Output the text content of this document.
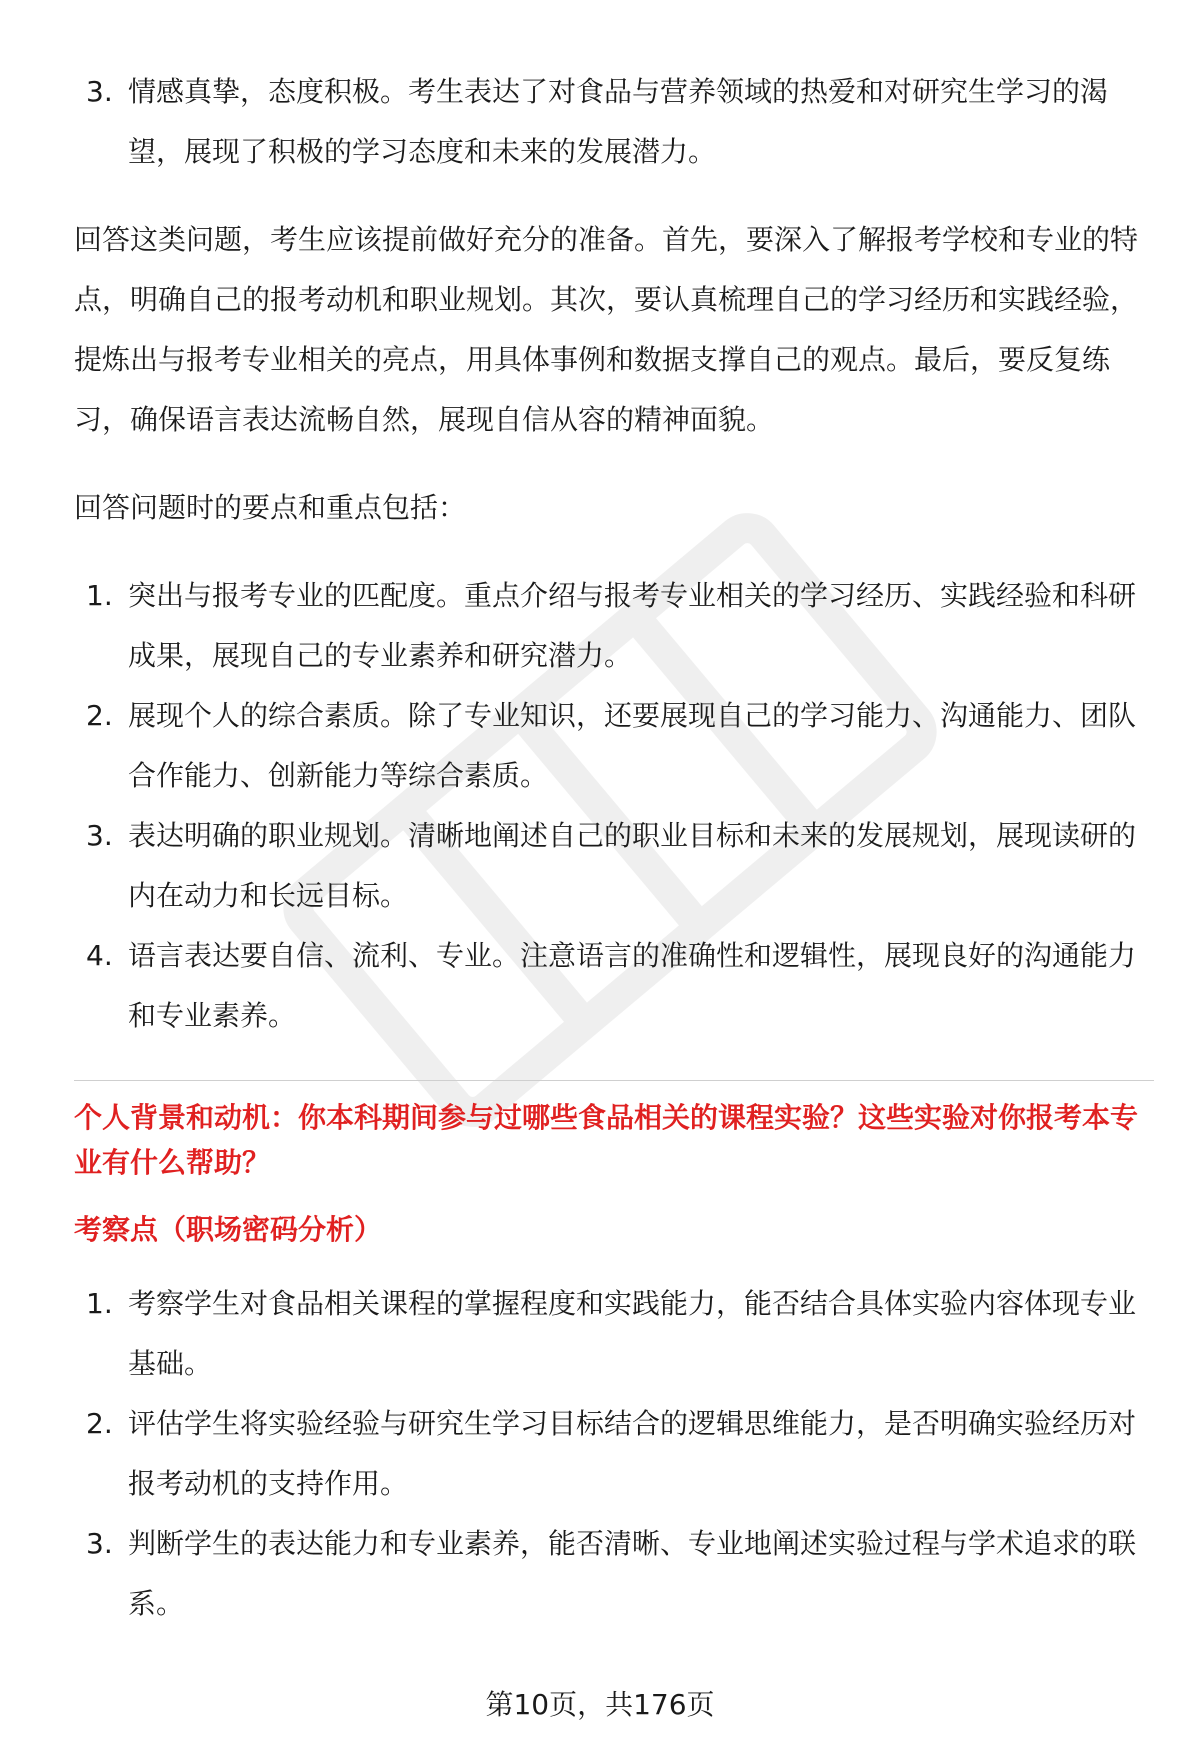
3. 情感真挚，态度积极。考生表达了对食品与营养领域的热爱和对研究生学习的渴望，展现了积极的学习态度和未来的发展潜力。

回答这类问题，考生应该提前做好充分的准备。首先，要深入了解报考学校和专业的特点，明确自己的报考动机和职业规划。其次，要认真梳理自己的学习经历和实践经验，提炼出与报考专业相关的亮点，用具体事例和数据支撑自己的观点。最后，要反复练习，确保语言表达流畅自然，展现自信从容的精神面貌。

回答问题时的要点和重点包括：

1. 突出与报考专业的匹配度。重点介绍与报考专业相关的学习经历、实践经验和科研成果，展现自己的专业素养和研究潜力。
2. 展现个人的综合素质。除了专业知识，还要展现自己的学习能力、沟通能力、团队合作能力、创新能力等综合素质。
3. 表达明确的职业规划。清晰地阐述自己的职业目标和未来的发展规划，展现读研的内在动力和长远目标。
4. 语言表达要自信、流利、专业。注意语言的准确性和逻辑性，展现良好的沟通能力和专业素养。

个人背景和动机：你本科期间参与过哪些食品相关的课程实验？这些实验对你报考本专业有什么帮助？

考察点（职场密码分析）

1. 考察学生对食品相关课程的掌握程度和实践能力，能否结合具体实验内容体现专业基础。
2. 评估学生将实验经验与研究生学习目标结合的逻辑思维能力，是否明确实验经历对报考动机的支持作用。
3. 判断学生的表达能力和专业素养，能否清晰、专业地阐述实验过程与学术追求的联系。
第10页，共176页
